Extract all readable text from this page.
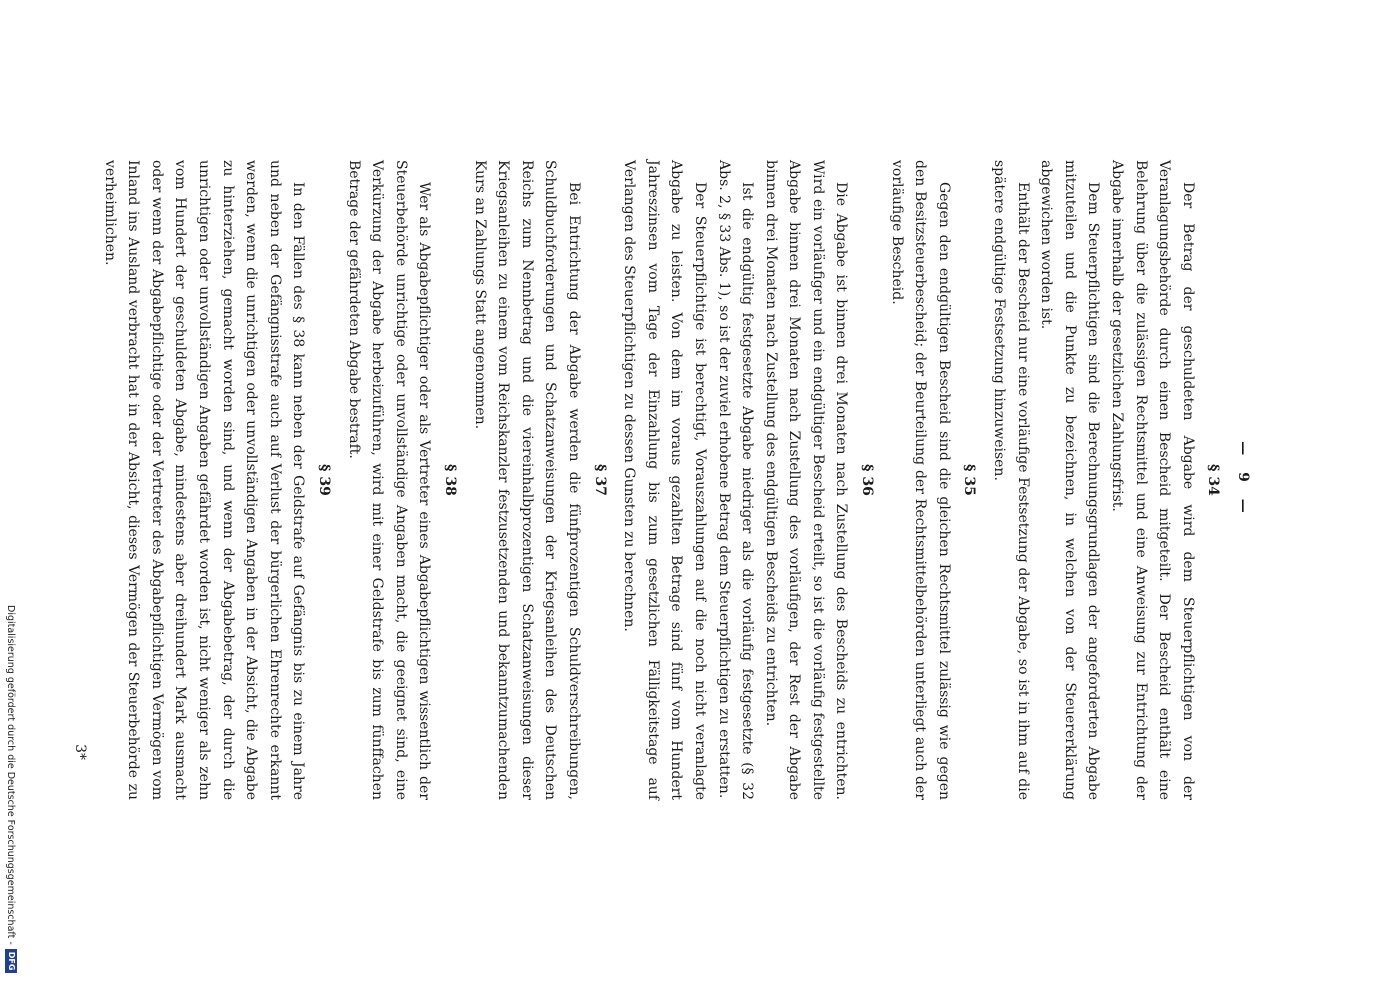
— 9 —
§ 34

Der Betrag der geschuldeten Abgabe wird dem Steuerpflichtigen von der Veranlagungsbehörde durch einen Bescheid mitgeteilt. Der Bescheid enthält eine Belehrung über die zulässigen Rechtsmittel und eine Anweisung zur Entrichtung der Abgabe innerhalb der gesetzlichen Zahlungsfrist.

Dem Steuerpflichtigen sind die Berechnungsgrundlagen der angeforderten Abgabe mitzuteilen und die Punkte zu bezeichnen, in welchen von der Steuererklärung abgewichen worden ist.

Enthält der Bescheid nur eine vorläufige Festsetzung der Abgabe, so ist in ihm auf die spätere endgültige Festsetzung hinzuweisen.

§ 35

Gegen den endgültigen Bescheid sind die gleichen Rechtsmittel zulässig wie gegen den Besitzsteuerbescheid; der Beurteilung der Rechtsmittelbehörden unterliegt auch der vorläufige Bescheid.

§ 36

Die Abgabe ist binnen drei Monaten nach Zustellung des Bescheids zu entrichten. Wird ein vorläufiger und ein endgültiger Bescheid erteilt, so ist die vorläufig festgestellte Abgabe binnen drei Monaten nach Zustellung des vorläufigen, der Rest der Abgabe binnen drei Monaten nach Zustellung des endgültigen Bescheids zu entrichten.

Ist die endgültig festgesetzte Abgabe niedriger als die vorläufig festgesetzte (§ 32 Abs. 2, § 33 Abs. 1), so ist der zuviel erhobene Betrag dem Steuerpflichtigen zu erstatten.

Der Steuerpflichtige ist berechtigt, Vorauszahlungen auf die noch nicht veranlagte Abgabe zu leisten. Von dem im voraus gezahlten Betrage sind fünf vom Hundert Jahreszinsen vom Tage der Einzahlung bis zum gesetzlichen Fälligkeitstage auf Verlangen des Steuerpflichtigen zu dessen Gunsten zu berechnen.

§ 37

Bei Entrichtung der Abgabe werden die fünfprozentigen Schuldverschreibungen, Schuldbuchforderungen und Schatzanweisungen der Kriegsanleihen des Deutschen Reichs zum Nennbetrag und die viereinhalbprozentigen Schatzanweisungen dieser Kriegsanleihen zu einem vom Reichskanzler festzusetzenden und bekanntzumachenden Kurs an Zahlungs Statt angenommen.

§ 38

Wer als Abgabepflichtiger oder als Vertreter eines Abgabepflichtigen wissentlich der Steuerbehörde unrichtige oder unvollständige Angaben macht, die geeignet sind, eine Verkürzung der Abgabe herbeizuführen, wird mit einer Geldstrafe bis zum fünffachen Betrage der gefährdeten Abgabe bestraft.

§ 39

In den Fällen des § 38 kann neben der Geldstrafe auf Gefängnis bis zu einem Jahre und neben der Gefängnisstrafe auch auf Verlust der bürgerlichen Ehrenrechte erkannt werden, wenn die unrichtigen oder unvollständigen Angaben in der Absicht, die Abgabe zu hinterziehen, gemacht worden sind, und wenn der Abgabebetrag, der durch die unrichtigen oder unvollständigen Angaben gefährdet worden ist, nicht weniger als zehn vom Hundert der geschuldeten Abgabe, mindestens aber dreihundert Mark ausmacht oder wenn der Abgabepflichtige oder der Vertreter des Abgabepflichtigen Vermögen vom Inland ins Ausland verbracht hat in der Absicht, dieses Vermögen der Steuerbehörde zu verheimlichen.

3*
Digitalisierung gefördert durch die Deutsche Forschungsgemeinschaft -
DFG
